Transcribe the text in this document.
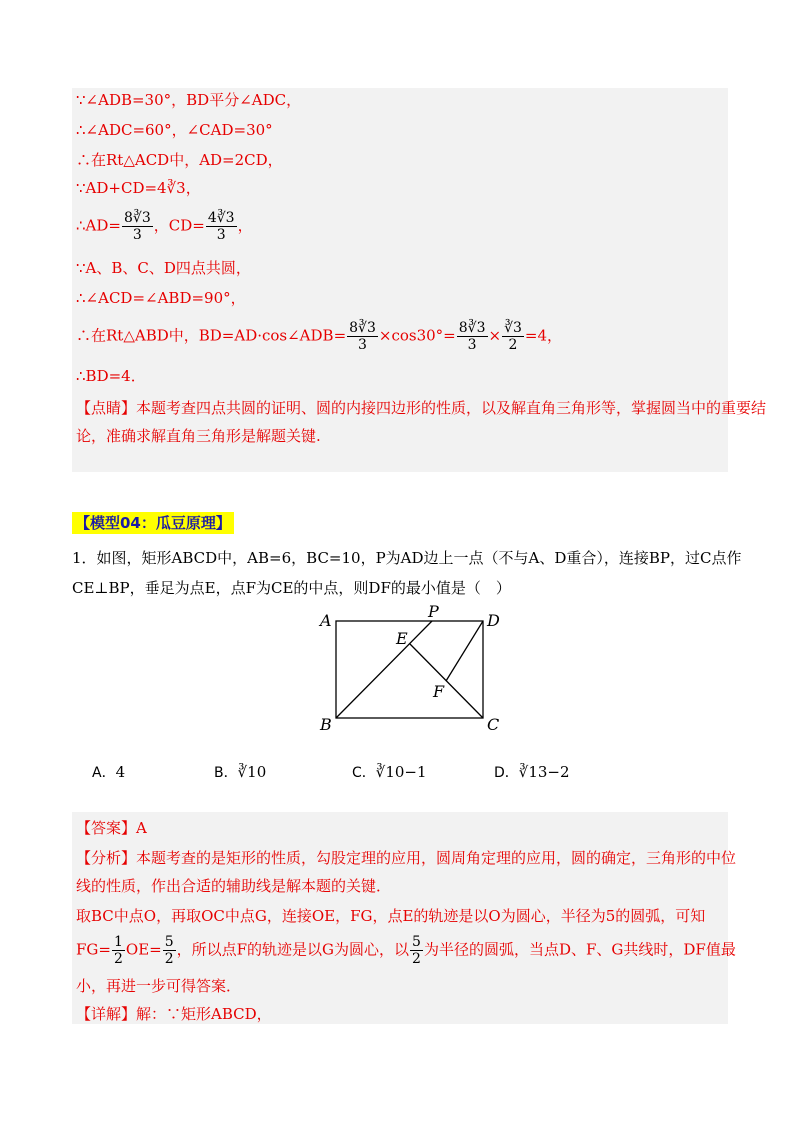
∵∠ADB=30°，BD平分∠ADC，
∴∠ADC=60°，∠CAD=30°
∴在Rt△ACD中，AD=2CD，
∵AD+CD=4∛3，
∴AD= $\frac{8∛3}{3}$ ，$CD= \frac{4∛3}{3}$ ，
∵A、B、C、D四点共圆，
∴∠ACD=∠ABD=90°，
∴在Rt△ABD中，BD=AD·cos∠ADB= $\frac{8∛3}{3} \times\cos 30^\circ= \frac{8∛3}{3} \times \frac{∛3}{2} =4$，
∴BD=4．
【点睛】本题考查四点共圆的证明、圆的内接四边形的性质，以及解直角三角形等，掌握圆当中的重要结
论，准确求解直角三角形是解题关键.
【模型04：瓜豆原理】
1．如图，矩形ABCD中，AB=6，BC=10，P为AD边上一点（不与A、D重合），连接BP，过C点作
CE⊥BP，垂足为点E，点F为CE的中点，则DF的最小值是（　）
A	P	D
E
F
B	C
A．4	B．∛10	C．∛10−1	D．∛13−2
【答案】A
【分析】本题考查的是矩形的性质，勾股定理的应用，圆周角定理的应用，圆的确定，三角形的中位
线的性质，作出合适的辅助线是解本题的关键．
取BC中点O，再取OC中点G，连接OE，FG，点E的轨迹是以O为圆心，半径为5的圆弧，可知
$FG= \frac{1}{2} OE= \frac{5}{2}$ ，所以点F的轨迹是以G为圆心，以 $\frac{5}{2}$ 为半径的圆弧，当点D、F、G共线时，DF值最
小，再进一步可得答案．
【详解】解：∵矩形ABCD，
